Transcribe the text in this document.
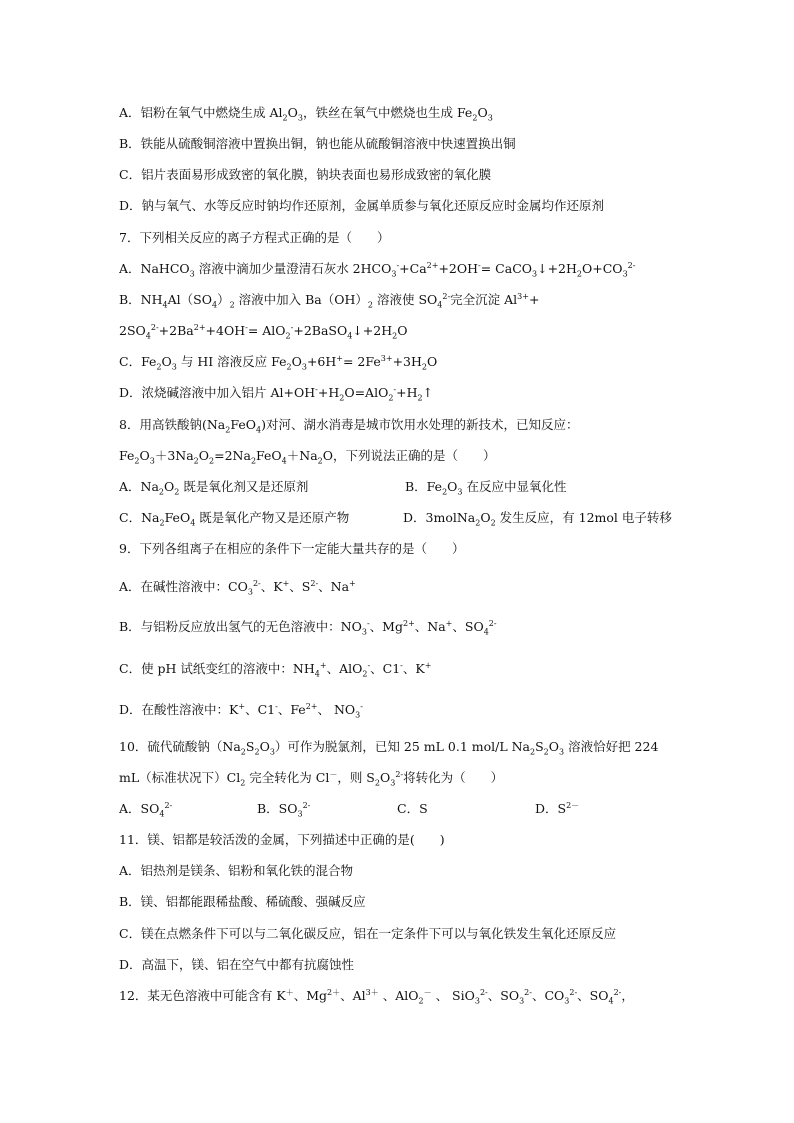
A．铝粉在氧气中燃烧生成 $Al_2O_3$，铁丝在氧气中燃烧也生成 $Fe_2O_3$
B．铁能从硫酸铜溶液中置换出铜，钠也能从硫酸铜溶液中快速置换出铜
C．铝片表面易形成致密的氧化膜，钠块表面也易形成致密的氧化膜
D．钠与氧气、水等反应时钠均作还原剂，金属单质参与氧化还原反应时金属均作还原剂
7．下列相关反应的离子方程式正确的是（　　）
A．NaHCO$_3$ 溶液中滴加少量澄清石灰水 $2HCO_3^-+Ca^{2+}+2OH^-=$ $CaCO_3↓+2H_2O+CO_3^{2-}$
B．$NH_4Al(SO_4)_2$ 溶液中加入 $Ba(OH)_2$ 溶液使 $SO_4^{2-}$完全沉淀 $Al^{3+}+$
$2SO_4^{2-}+2Ba^{2+}+4OH^-=$ $AlO_2^-+2BaSO_4↓+2H_2O$
C．$Fe_2O_3$ 与 HI 溶液反应 $Fe_2O_3+6H^+= 2Fe^{3+}+3H_2O$
D．浓烧碱溶液中加入铝片 $Al+OH^-+H_2O=AlO_2^-+H_2↑$
8．用高铁酸钠$(Na_2FeO_4)$对河、湖水消毒是城市饮用水处理的新技术，已知反应：
$Fe_2O_3+3Na_2O_2=2Na_2FeO_4+Na_2O$，下列说法正确的是（　　）
A．$Na_2O_2$ 既是氧化剂又是还原剂	B．$Fe_2O_3$ 在反应中显氧化性
C．$Na_2FeO_4$ 既是氧化产物又是还原产物	D．$3molNa_2O_2$ 发生反应，有 12mol 电子转移
9．下列各组离子在相应的条件下一定能大量共存的是（　　）
A．在碱性溶液中：$CO_3^{2-}$、K+、$S^{2-}$、Na+
B．与铝粉反应放出氢气的无色溶液中：$NO_3^-$、$Mg^{2+}$、Na+、$SO_4^{2-}$
C．使 pH 试纸变红的溶液中：$NH_4^+$、AlO$_2$-、C1-、K+
D．在酸性溶液中：K+、C1-、$Fe^{2+}$、 $NO_3^-$
10．硫代硫酸钠$(Na_2S_2O_3)$可作为脱氯剂，已知 25 mL 0.1 mol/L $Na_2S_2O_3$ 溶液恰好把 224
mL（标准状况下）$Cl_2$ 完全转化为 Cl－，则 $S_2O_3^{2-}$将转化为（　　）
A．$SO_4^{2-}$	B．$SO_3^{2-}$	C．S	D．$S^{2-}$
11．镁、铝都是较活泼的金属，下列描述中正确的是(　　)
A．铝热剂是镁条、铝粉和氧化铁的混合物
B．镁、铝都能跟稀盐酸、稀硫酸、强碱反应
C．镁在点燃条件下可以与二氧化碳反应，铝在一定条件下可以与氧化铁发生氧化还原反应
D．高温下，镁、铝在空气中都有抗腐蚀性
12．某无色溶液中可能含有 K＋、$Mg^{2+}$、$Al^{3+}$ 、AlO$_2$－ 、 SiO$_3^{2-}$、$SO_3^{2-}$、$CO_3^{2-}$、$SO_4^{2-}$，
